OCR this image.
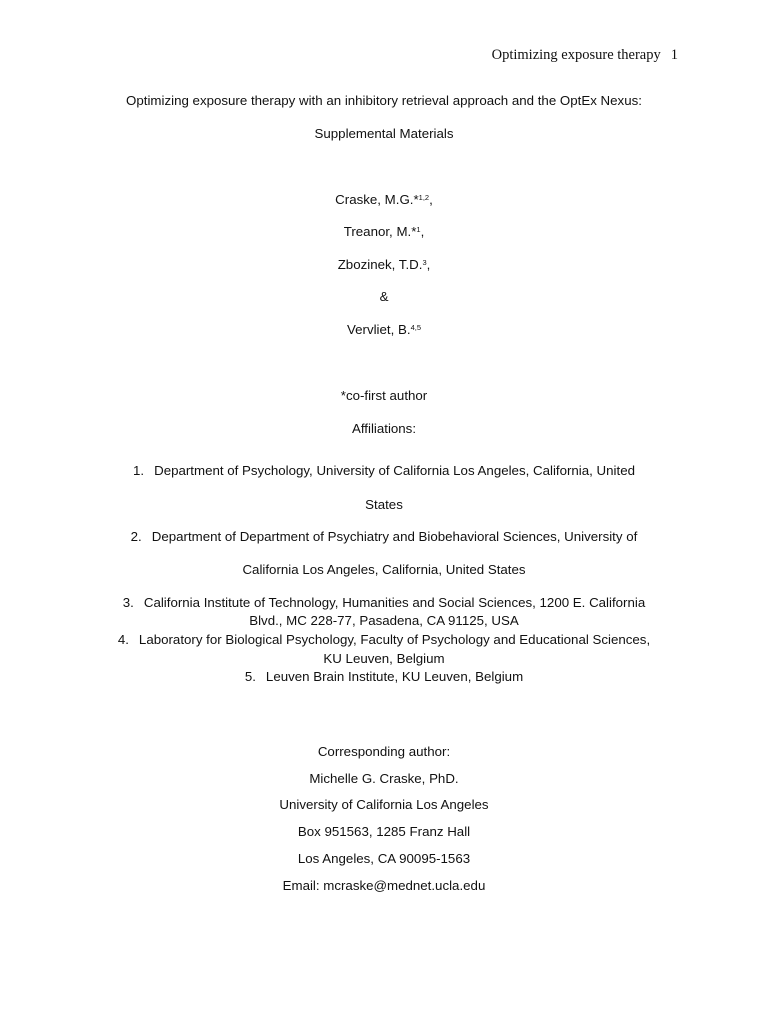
Optimizing exposure therapy 1
Optimizing exposure therapy with an inhibitory retrieval approach and the OptEx Nexus:
Supplemental Materials
Craske, M.G.*$^{1,2}$,
Treanor, M.*$^1$,
Zbozinek, T.D.$^3$,
&
Vervliet, B.$^{4,5}$
*co-first author
Affiliations:
1. Department of Psychology, University of California Los Angeles, California, United
States
2. Department of Department of Psychiatry and Biobehavioral Sciences, University of
California Los Angeles, California, United States
3. California Institute of Technology, Humanities and Social Sciences, 1200 E. California
Blvd., MC 228-77, Pasadena, CA 91125, USA
4. Laboratory for Biological Psychology, Faculty of Psychology and Educational Sciences,
KU Leuven, Belgium
5. Leuven Brain Institute, KU Leuven, Belgium
Corresponding author:
Michelle G. Craske, PhD.
University of California Los Angeles
Box 951563, 1285 Franz Hall
Los Angeles, CA 90095-1563
Email: mcraske@mednet.ucla.edu
